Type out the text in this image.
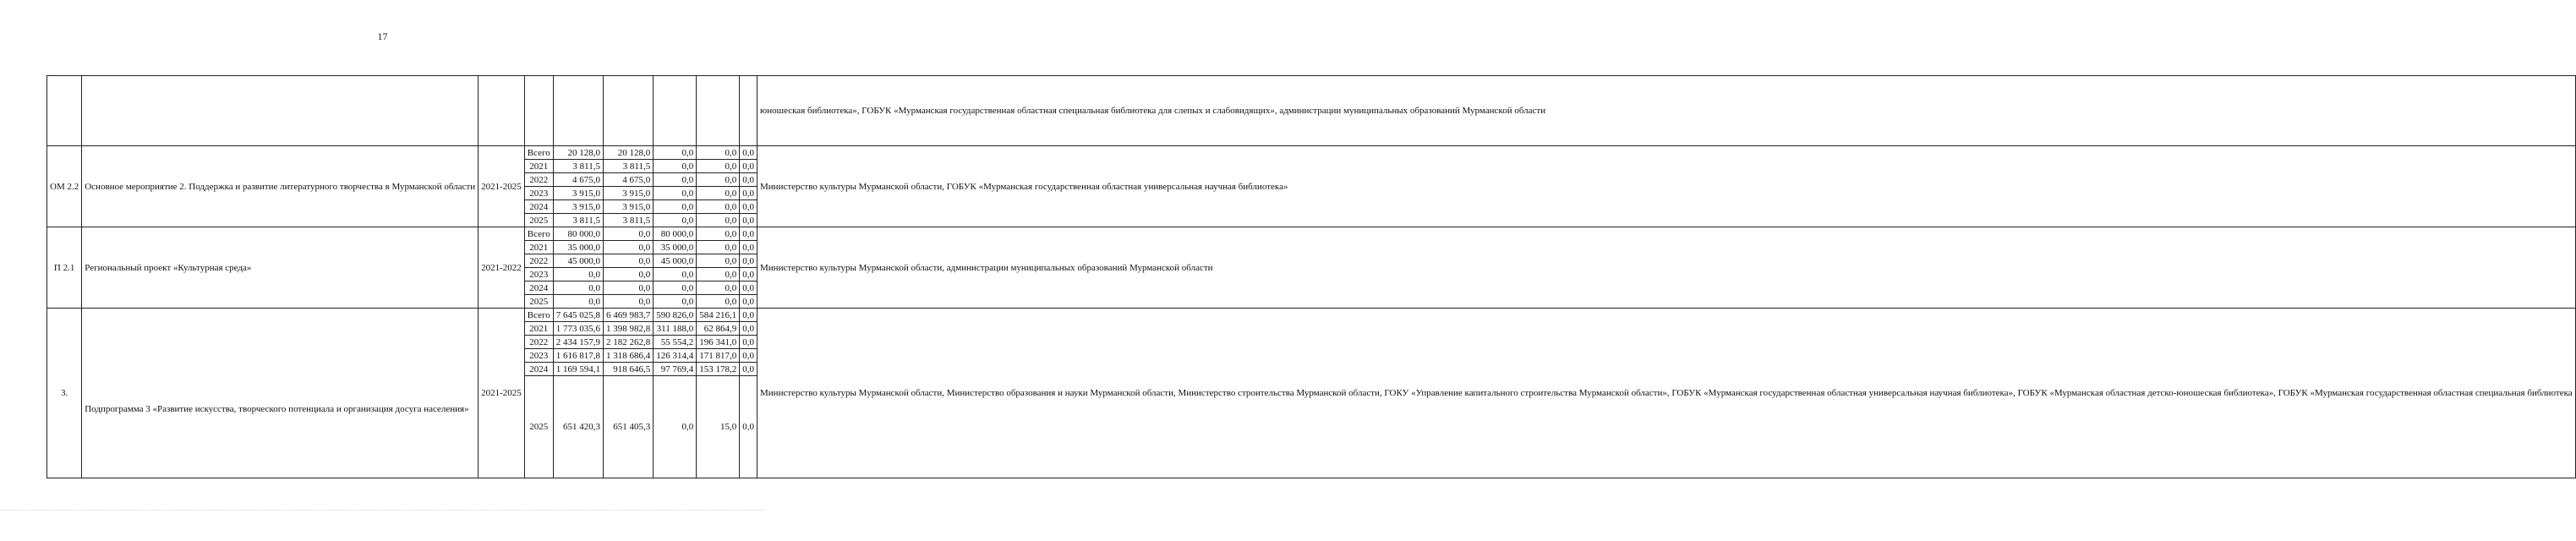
17
									юношеская библиотека», ГОБУК «Мурманская государственная областная специальная библиотека для слепых и слабовидящих», администрации муниципальных образований Мурманской области
ОМ 2.2	Основное мероприятие 2. Поддержка и развитие литературного творчества в Мурманской области	2021-2025	Всего	20 128,0	20 128,0	0,0	0,0	0,0	Министерство культуры Мурманской области, ГОБУК «Мурманская государственная областная универсальная научная библиотека»
			2021	3 811,5	3 811,5	0,0	0,0	0,0	
			2022	4 675,0	4 675,0	0,0	0,0	0,0	
			2023	3 915,0	3 915,0	0,0	0,0	0,0	
			2024	3 915,0	3 915,0	0,0	0,0	0,0	
			2025	3 811,5	3 811,5	0,0	0,0	0,0	
П 2.1	Региональный проект «Культурная среда»	2021-2022	Всего	80 000,0	0,0	80 000,0	0,0	0,0	Министерство культуры Мурманской области, администрации муниципальных образований Мурманской области
			2021	35 000,0	0,0	35 000,0	0,0	0,0	
			2022	45 000,0	0,0	45 000,0	0,0	0,0	
			2023	0,0	0,0	0,0	0,0	0,0	
			2024	0,0	0,0	0,0	0,0	0,0	
			2025	0,0	0,0	0,0	0,0	0,0	
3.	Подпрограмма 3 «Развитие искусства, творческого потенциала и организация досуга населения»	2021-2025	Всего	7 645 025,8	6 469 983,7	590 826,0	584 216,1	0,0	Министерство культуры Мурманской области, Министерство образования и науки Мурманской области, Министерство строительства Мурманской области, ГОКУ «Управление капитального строительства Мурманской области», ГОБУК «Мурманская государственная областная универсальная научная библиотека», ГОБУК «Мурманская областная детско-юношеская библиотека», ГОБУК «Мурманская государственная областная специальная библиотека
			2021	1 773 035,6	1 398 982,8	311 188,0	62 864,9	0,0	
			2022	2 434 157,9	2 182 262,8	55 554,2	196 341,0	0,0	
			2023	1 616 817,8	1 318 686,4	126 314,4	171 817,0	0,0	
			2024	1 169 594,1	918 646,5	97 769,4	153 178,2	0,0	
			2025	651 420,3	651 405,3	0,0	15,0	0,0	
